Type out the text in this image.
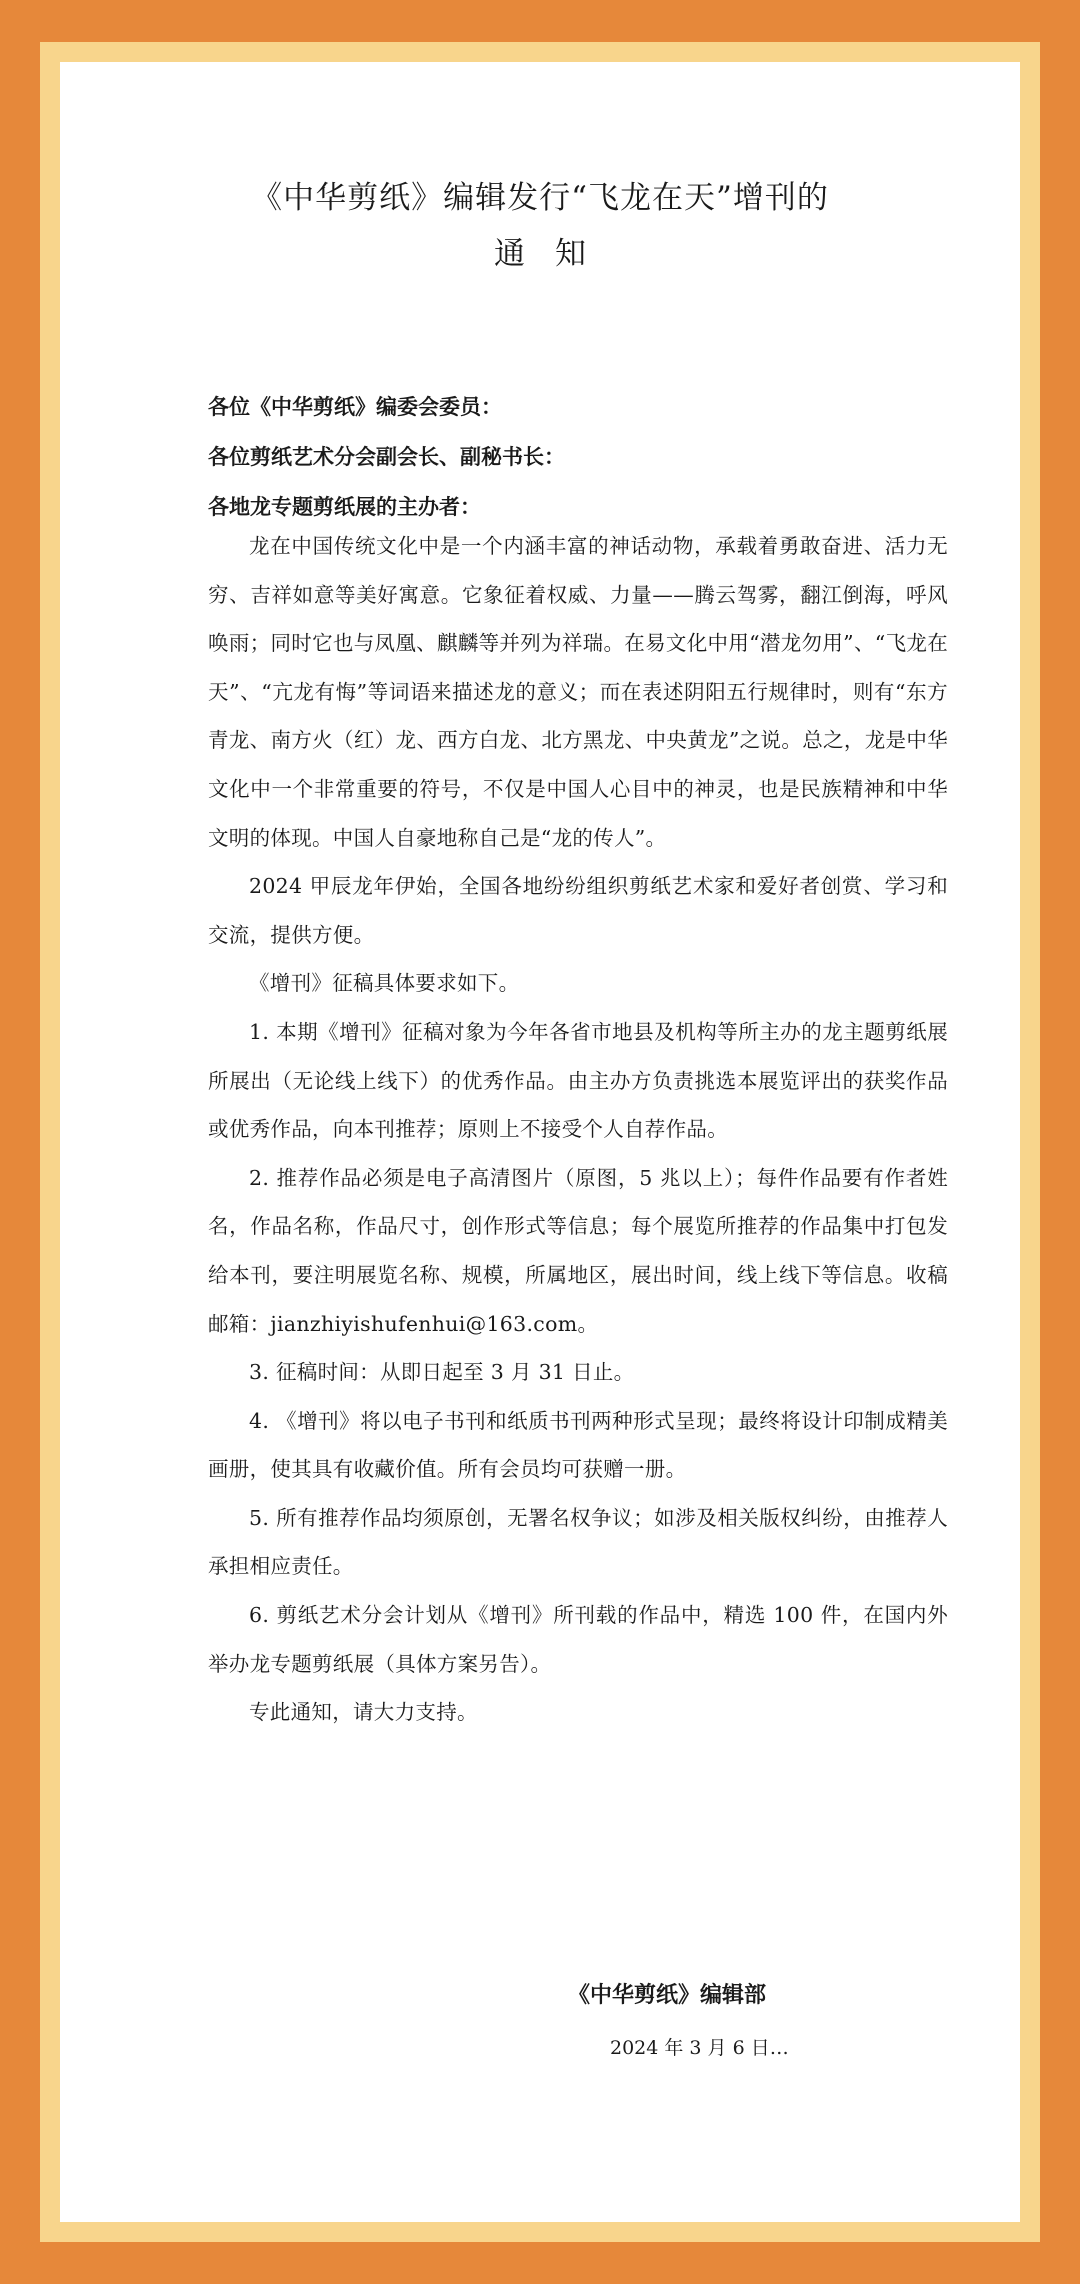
《中华剪纸》编辑发行“飞龙在天”增刊的
通知
各位《中华剪纸》编委会委员：
各位剪纸艺术分会副会长、副秘书长：
各地龙专题剪纸展的主办者：

龙在中国传统文化中是一个内涵丰富的神话动物，承载着勇敢奋进、活力无穷、吉祥如意等美好寓意。它象征着权威、力量——腾云驾雾，翻江倒海，呼风唤雨；同时它也与凤凰、麒麟等并列为祥瑞。在易文化中用“潜龙勿用”、“飞龙在天”、“亢龙有悔”等词语来描述龙的意义；而在表述阴阳五行规律时，则有“东方青龙、南方火（红）龙、西方白龙、北方黑龙、中央黄龙”之说。总之，龙是中华文化中一个非常重要的符号，不仅是中国人心目中的神灵，也是民族精神和中华文明的体现。中国人自豪地称自己是“龙的传人”。

2024 甲辰龙年伊始，全国各地纷纷组织剪纸艺术家和爱好者创赏、学习和交流，提供方便。

《增刊》征稿具体要求如下。

1. 本期《增刊》征稿对象为今年各省市地县及机构等所主办的龙主题剪纸展所展出（无论线上线下）的优秀作品。由主办方负责挑选本展览评出的获奖作品或优秀作品，向本刊推荐；原则上不接受个人自荐作品。

2. 推荐作品必须是电子高清图片（原图，5 兆以上）；每件作品要有作者姓名，作品名称，作品尺寸，创作形式等信息；每个展览所推荐的作品集中打包发给本刊，要注明展览名称、规模，所属地区，展出时间，线上线下等信息。收稿邮箱：jianzhiyishufenhui@163.com。

3. 征稿时间：从即日起至 3 月 31 日止。

4. 《增刊》将以电子书刊和纸质书刊两种形式呈现；最终将设计印制成精美画册，使其具有收藏价值。所有会员均可获赠一册。

5. 所有推荐作品均须原创，无署名权争议；如涉及相关版权纠纷，由推荐人承担相应责任。

6. 剪纸艺术分会计划从《增刊》所刊载的作品中，精选 100 件，在国内外举办龙专题剪纸展（具体方案另告）。

专此通知，请大力支持。

《中华剪纸》编辑部
2024 年 3 月 6 日…
